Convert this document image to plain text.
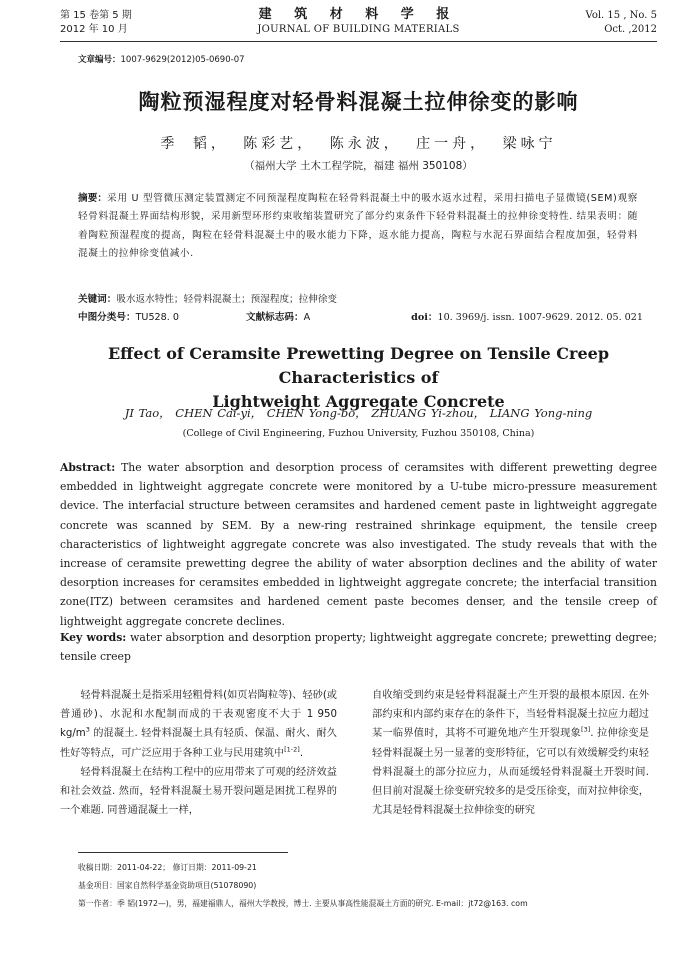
第 15 卷第 5 期
2012 年 10 月
建 筑 材 料 学 报
JOURNAL OF BUILDING MATERIALS
Vol. 15 , No. 5
Oct. ,2012
文章编号：1007-9629(2012)05-0690-07
陶粒预湿程度对轻骨料混凝土拉伸徐变的影响
季 韬， 陈彩艺， 陈永波， 庄一舟， 梁咏宁
（福州大学 土木工程学院，福建 福州 350108）
摘要：采用 U 型管微压测定装置测定不同预湿程度陶粒在轻骨料混凝土中的吸水返水过程，采用扫描电子显微镜(SEM)观察轻骨料混凝土界面结构形貌，采用新型环形约束收缩装置研究了部分约束条件下轻骨料混凝土的拉伸徐变特性. 结果表明：随着陶粒预湿程度的提高，陶粒在轻骨料混凝土中的吸水能力下降，返水能力提高，陶粒与水泥石界面结合程度加强，轻骨料混凝土的拉伸徐变值减小.
关键词：吸水返水特性；轻骨料混凝土；预湿程度；拉伸徐变
中图分类号：TU528. 0	文献标志码：A	doi：10. 3969/j. issn. 1007-9629. 2012. 05. 021
Effect of Ceramsite Prewetting Degree on Tensile Creep Characteristics of
Lightweight Aggregate Concrete
JI Tao， CHEN Cai-yi， CHEN Yong-bo， ZHUANG Yi-zhou， LIANG Yong-ning
(College of Civil Engineering, Fuzhou University, Fuzhou 350108, China)
Abstract: The water absorption and desorption process of ceramsites with different prewetting degree embedded in lightweight aggregate concrete were monitored by a U-tube micro-pressure measurement device. The interfacial structure between ceramsites and hardened cement paste in lightweight aggregate concrete was scanned by SEM. By a new-ring restrained shrinkage equipment, the tensile creep characteristics of lightweight aggregate concrete was also investigated. The study reveals that with the increase of ceramsite prewetting degree the ability of water absorption declines and the ability of water desorption increases for ceramsites embedded in lightweight aggregate concrete; the interfacial transition zone(ITZ) between ceramsites and hardened cement paste becomes denser, and the tensile creep of lightweight aggregate concrete declines.
Key words: water absorption and desorption property; lightweight aggregate concrete; prewetting degree; tensile creep

轻骨料混凝土是指采用轻粗骨料(如页岩陶粒等)、轻砂(或普通砂)、水泥和水配制而成的干表观密度不大于 1 950 $kg/m^3$ 的混凝土. 轻骨料混凝土具有轻质、保温、耐火、耐久性好等特点，可广泛应用于各种工业与民用建筑中[1-2].

轻骨料混凝土在结构工程中的应用带来了可观的经济效益和社会效益. 然而，轻骨料混凝土易开裂问题是困扰工程界的一个难题. 同普通混凝土一样，

自收缩受到约束是轻骨料混凝土产生开裂的最根本原因. 在外部约束和内部约束存在的条件下，当轻骨料混凝土拉应力超过某一临界值时，其将不可避免地产生开裂现象[3]. 拉伸徐变是轻骨料混凝土另一显著的变形特征，它可以有效缓解受约束轻骨料混凝土的部分拉应力，从而延缓轻骨料混凝土开裂时间. 但目前对混凝土徐变研究较多的是受压徐变，而对拉伸徐变，尤其是轻骨料混凝土拉伸徐变的研究

收稿日期：2011-04-22； 修订日期：2011-09-21
基金项目：国家自然科学基金资助项目(51078090)
第一作者：季 韬(1972—)，男，福建福鼎人，福州大学教授，博士. 主要从事高性能混凝土方面的研究. E-mail：jt72@163. com
